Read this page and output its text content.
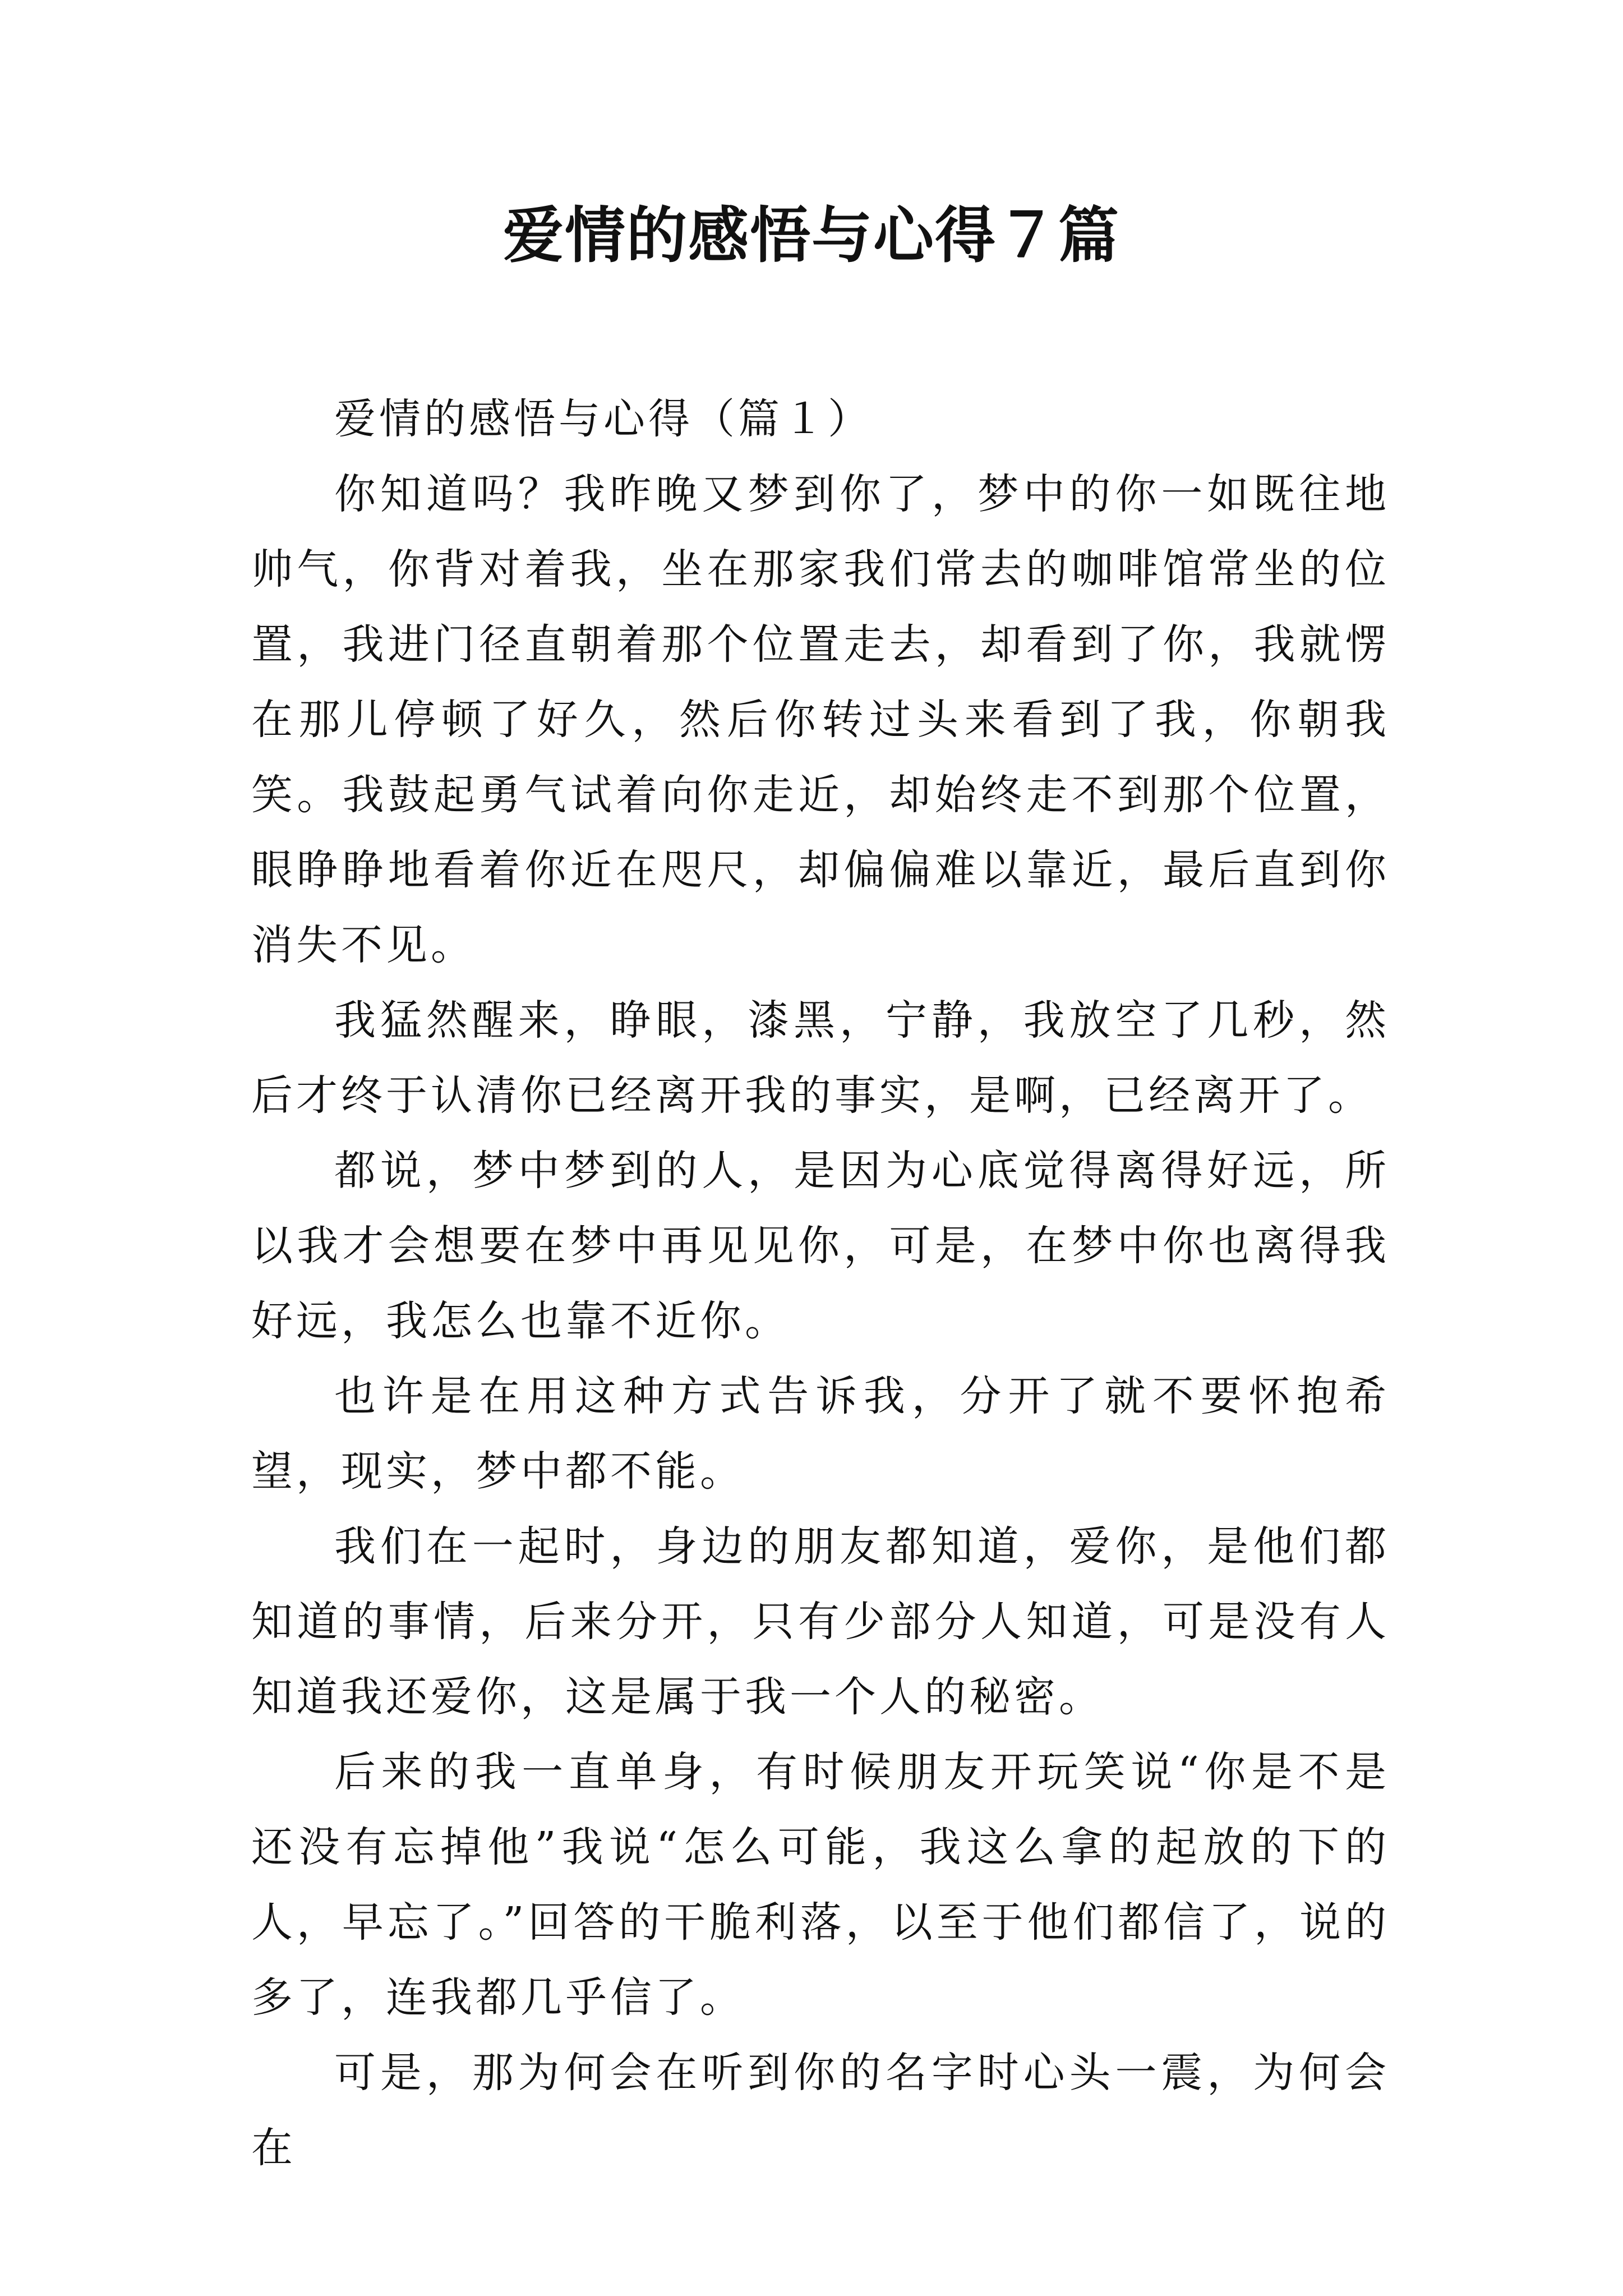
爱情的感悟与心得７篇

爱情的感悟与心得（篇１）

你知道吗？我昨晚又梦到你了，梦中的你一如既往地帅气，你背对着我，坐在那家我们常去的咖啡馆常坐的位置，我进门径直朝着那个位置走去，却看到了你，我就愣在那儿停顿了好久，然后你转过头来看到了我，你朝我笑。我鼓起勇气试着向你走近，却始终走不到那个位置，眼睁睁地看着你近在咫尺，却偏偏难以靠近，最后直到你消失不见。

我猛然醒来，睁眼，漆黑，宁静，我放空了几秒，然后才终于认清你已经离开我的事实，是啊，已经离开了。

都说，梦中梦到的人，是因为心底觉得离得好远，所以我才会想要在梦中再见见你，可是，在梦中你也离得我好远，我怎么也靠不近你。

也许是在用这种方式告诉我，分开了就不要怀抱希望，现实，梦中都不能。

我们在一起时，身边的朋友都知道，爱你，是他们都知道的事情，后来分开，只有少部分人知道，可是没有人知道我还爱你，这是属于我一个人的秘密。

后来的我一直单身，有时候朋友开玩笑说“你是不是还没有忘掉他”我说“怎么可能，我这么拿的起放的下的人，早忘了。”回答的干脆利落，以至于他们都信了，说的多了，连我都几乎信了。

可是，那为何会在听到你的名字时心头一震，为何会在
